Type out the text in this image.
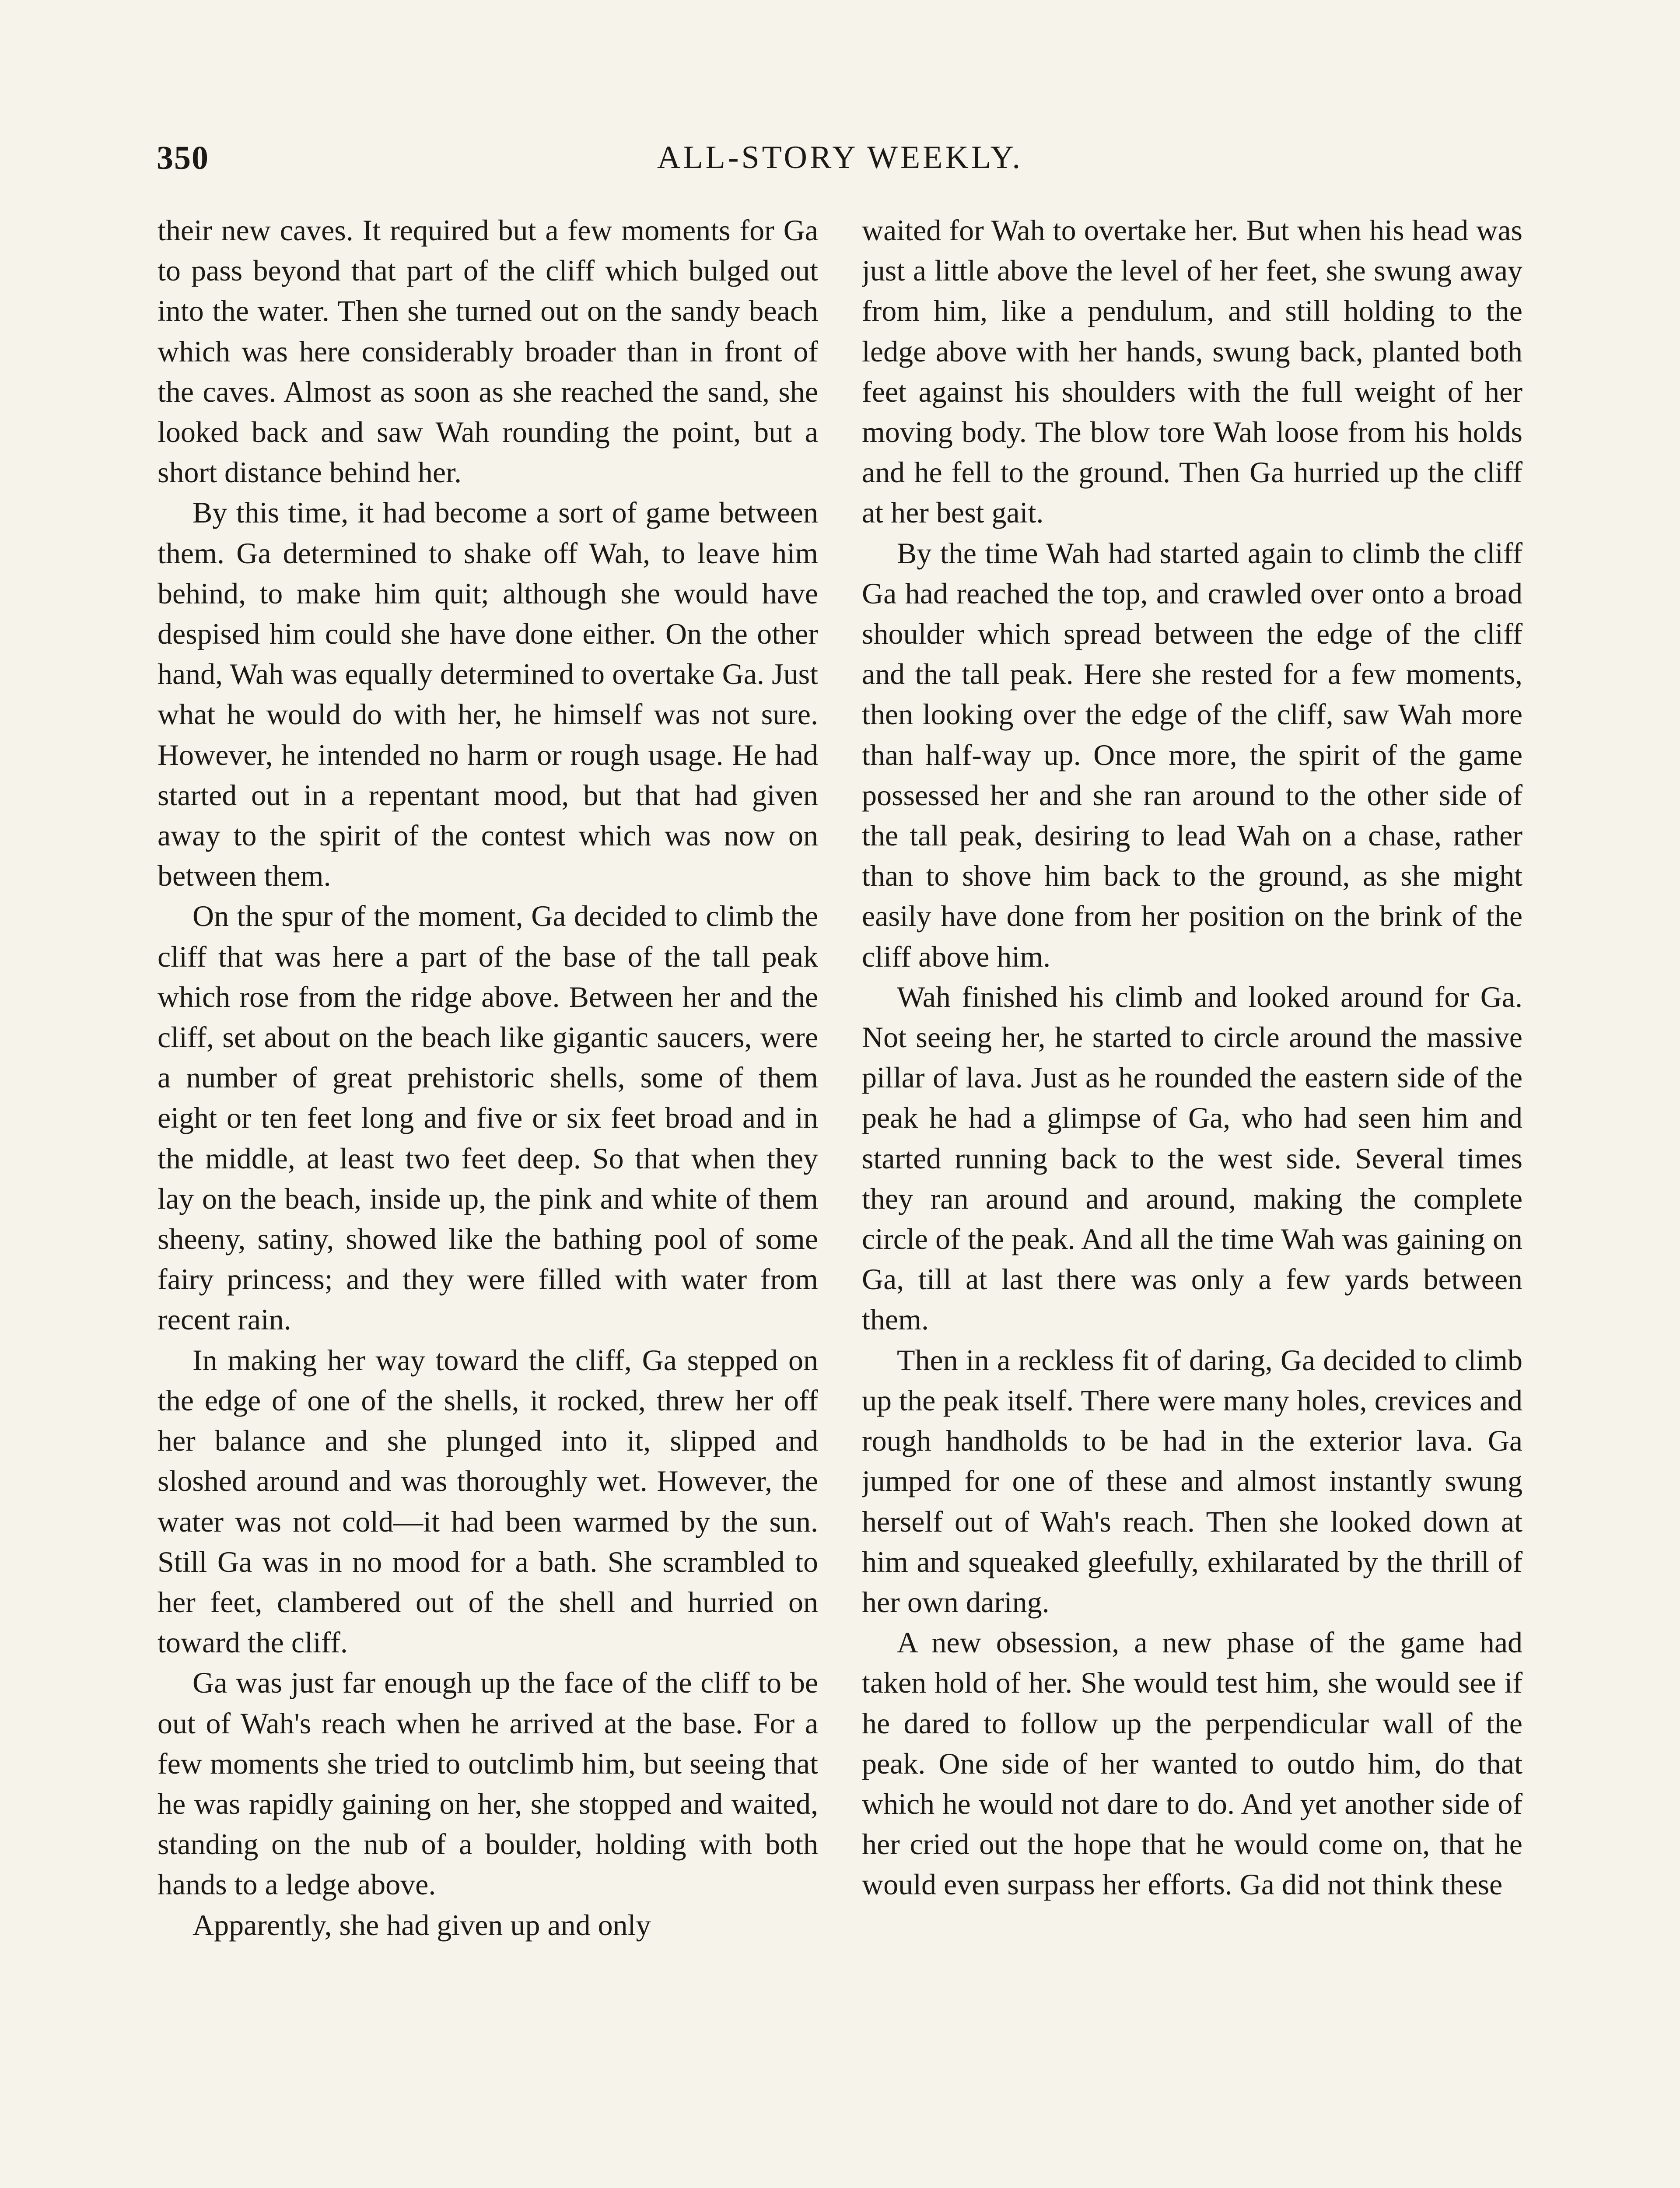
350	ALL-STORY WEEKLY.

their new caves. It required but a few moments for Ga to pass beyond that part of the cliff which bulged out into the water. Then she turned out on the sandy beach which was here considerably broader than in front of the caves. Almost as soon as she reached the sand, she looked back and saw Wah rounding the point, but a short distance behind her.

By this time, it had become a sort of game between them. Ga determined to shake off Wah, to leave him behind, to make him quit; although she would have despised him could she have done either. On the other hand, Wah was equally determined to overtake Ga. Just what he would do with her, he himself was not sure. However, he intended no harm or rough usage. He had started out in a repentant mood, but that had given away to the spirit of the contest which was now on between them.

On the spur of the moment, Ga decided to climb the cliff that was here a part of the base of the tall peak which rose from the ridge above. Between her and the cliff, set about on the beach like gigantic saucers, were a number of great prehistoric shells, some of them eight or ten feet long and five or six feet broad and in the middle, at least two feet deep. So that when they lay on the beach, inside up, the pink and white of them sheeny, satiny, showed like the bathing pool of some fairy princess; and they were filled with water from recent rain.

In making her way toward the cliff, Ga stepped on the edge of one of the shells, it rocked, threw her off her balance and she plunged into it, slipped and sloshed around and was thoroughly wet. However, the water was not cold—it had been warmed by the sun. Still Ga was in no mood for a bath. She scrambled to her feet, clambered out of the shell and hurried on toward the cliff.

Ga was just far enough up the face of the cliff to be out of Wah's reach when he arrived at the base. For a few moments she tried to outclimb him, but seeing that he was rapidly gaining on her, she stopped and waited, standing on the nub of a boulder, holding with both hands to a ledge above.

Apparently, she had given up and only

waited for Wah to overtake her. But when his head was just a little above the level of her feet, she swung away from him, like a pendulum, and still holding to the ledge above with her hands, swung back, planted both feet against his shoulders with the full weight of her moving body. The blow tore Wah loose from his holds and he fell to the ground. Then Ga hurried up the cliff at her best gait.

By the time Wah had started again to climb the cliff Ga had reached the top, and crawled over onto a broad shoulder which spread between the edge of the cliff and the tall peak. Here she rested for a few moments, then looking over the edge of the cliff, saw Wah more than half-way up. Once more, the spirit of the game possessed her and she ran around to the other side of the tall peak, desiring to lead Wah on a chase, rather than to shove him back to the ground, as she might easily have done from her position on the brink of the cliff above him.

Wah finished his climb and looked around for Ga. Not seeing her, he started to circle around the massive pillar of lava. Just as he rounded the eastern side of the peak he had a glimpse of Ga, who had seen him and started running back to the west side. Several times they ran around and around, making the complete circle of the peak. And all the time Wah was gaining on Ga, till at last there was only a few yards between them.

Then in a reckless fit of daring, Ga decided to climb up the peak itself. There were many holes, crevices and rough handholds to be had in the exterior lava. Ga jumped for one of these and almost instantly swung herself out of Wah's reach. Then she looked down at him and squeaked gleefully, exhilarated by the thrill of her own daring.

A new obsession, a new phase of the game had taken hold of her. She would test him, she would see if he dared to follow up the perpendicular wall of the peak. One side of her wanted to outdo him, do that which he would not dare to do. And yet another side of her cried out the hope that he would come on, that he would even surpass her efforts. Ga did not think these
